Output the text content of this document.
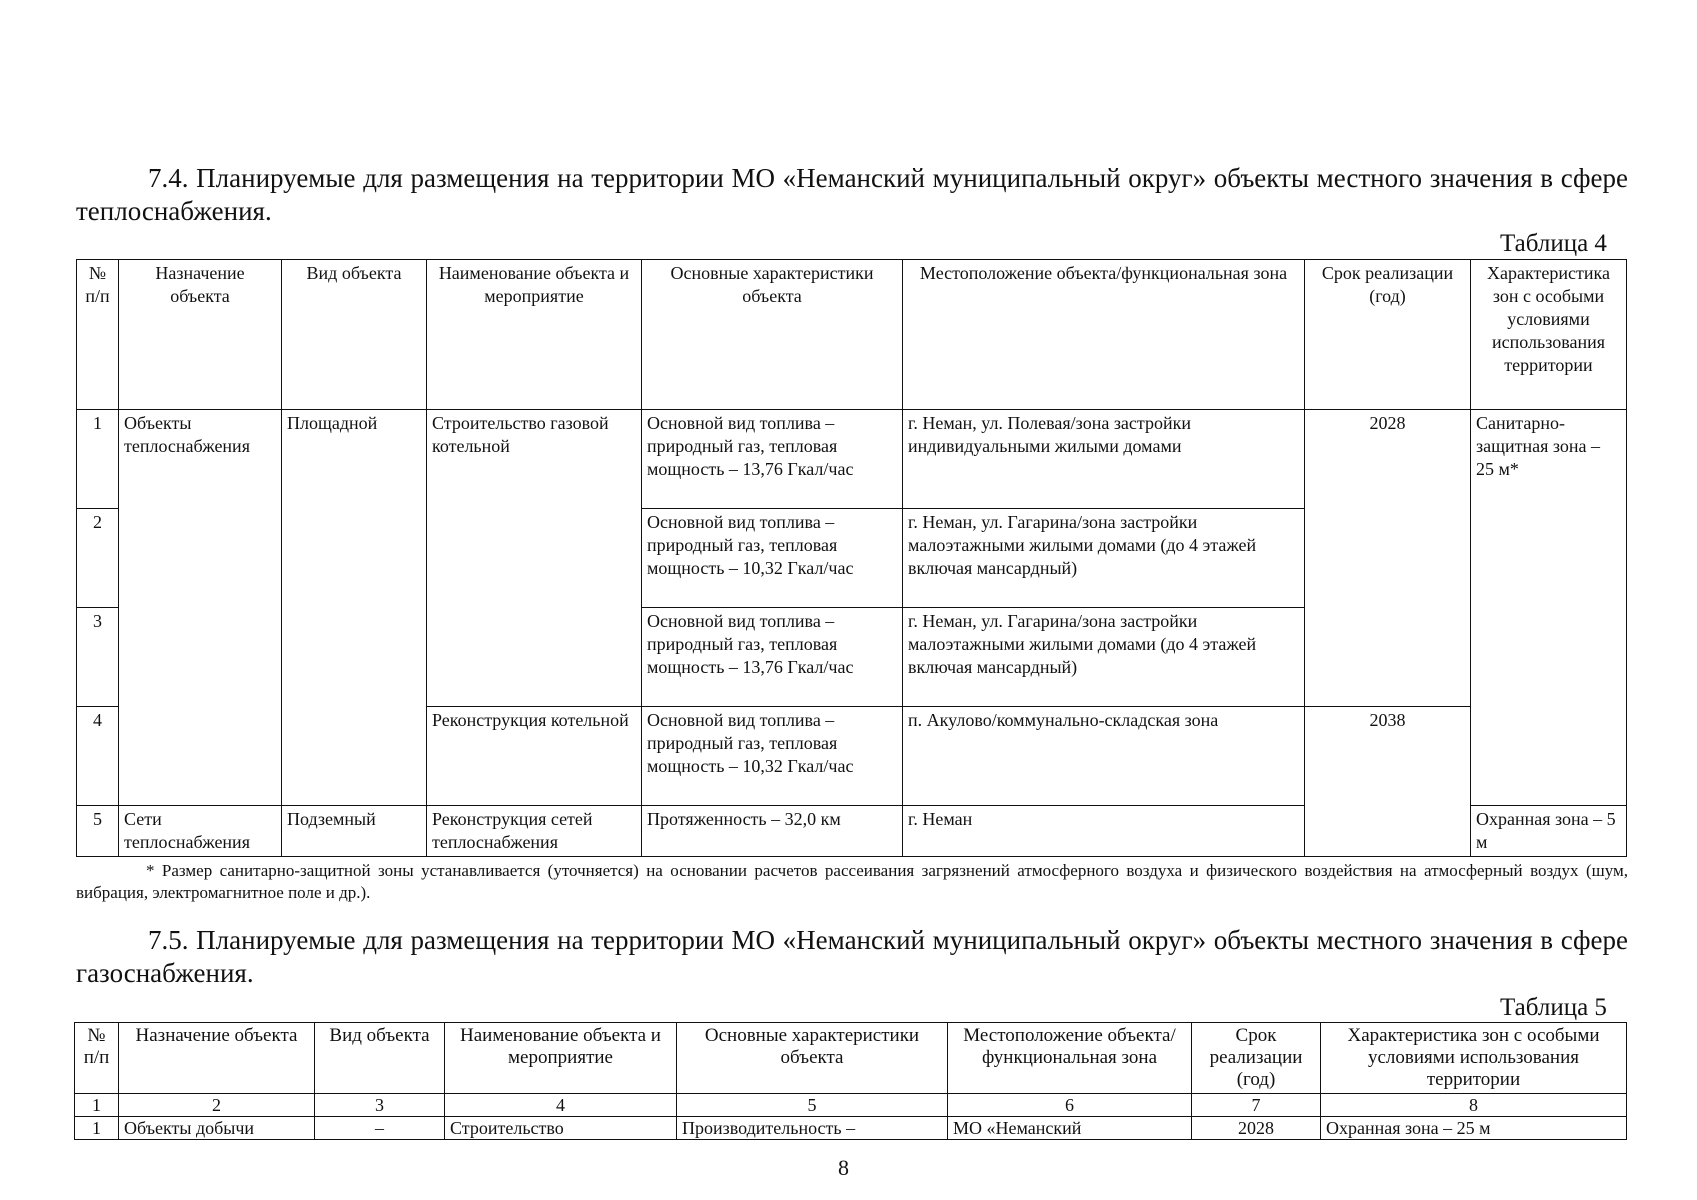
7.4. Планируемые для размещения на территории МО «Неманский муниципальный округ» объекты местного значения в сфере теплоснабжения.

Таблица 4
№ п/п	Назначение объекта	Вид объекта	Наименование объекта и мероприятие	Основные характеристики объекта	Местоположение объекта/функциональная зона	Срок реализации (год)	Характеристика зон с особыми условиями использования территории
1	Объекты теплоснабжения	Площадной	Строительство газовой котельной	Основной вид топлива – природный газ, тепловая мощность – 13,76 Гкал/час	г. Неман, ул. Полевая/зона застройки индивидуальными жилыми домами	2028	Санитарно-защитная зона – 25 м*
2				Основной вид топлива – природный газ, тепловая мощность – 10,32 Гкал/час	г. Неман, ул. Гагарина/зона застройки малоэтажными жилыми домами (до 4 этажей включая мансардный)		
3				Основной вид топлива – природный газ, тепловая мощность – 13,76 Гкал/час	г. Неман, ул. Гагарина/зона застройки малоэтажными жилыми домами (до 4 этажей включая мансардный)		
4			Реконструкция котельной	Основной вид топлива – природный газ, тепловая мощность – 10,32 Гкал/час	п. Акулово/коммунально-складская зона	2038	
5	Сети теплоснабжения	Подземный	Реконструкция сетей теплоснабжения	Протяженность – 32,0 км	г. Неман		Охранная зона – 5 м

* Размер санитарно-защитной зоны устанавливается (уточняется) на основании расчетов рассеивания загрязнений атмосферного воздуха и физического воздействия на атмосферный воздух (шум, вибрация, электромагнитное поле и др.).

7.5. Планируемые для размещения на территории МО «Неманский муниципальный округ» объекты местного значения в сфере газоснабжения.

Таблица 5
№ п/п	Назначение объекта	Вид объекта	Наименование объекта и мероприятие	Основные характеристики объекта	Местоположение объекта/ функциональная зона	Срок реализации (год)	Характеристика зон с особыми условиями использования территории
1	2	3	4	5	6	7	8
1	Объекты добычи	–	Строительство	Производительность –	МО «Неманский	2028	Охранная зона – 25 м
8
